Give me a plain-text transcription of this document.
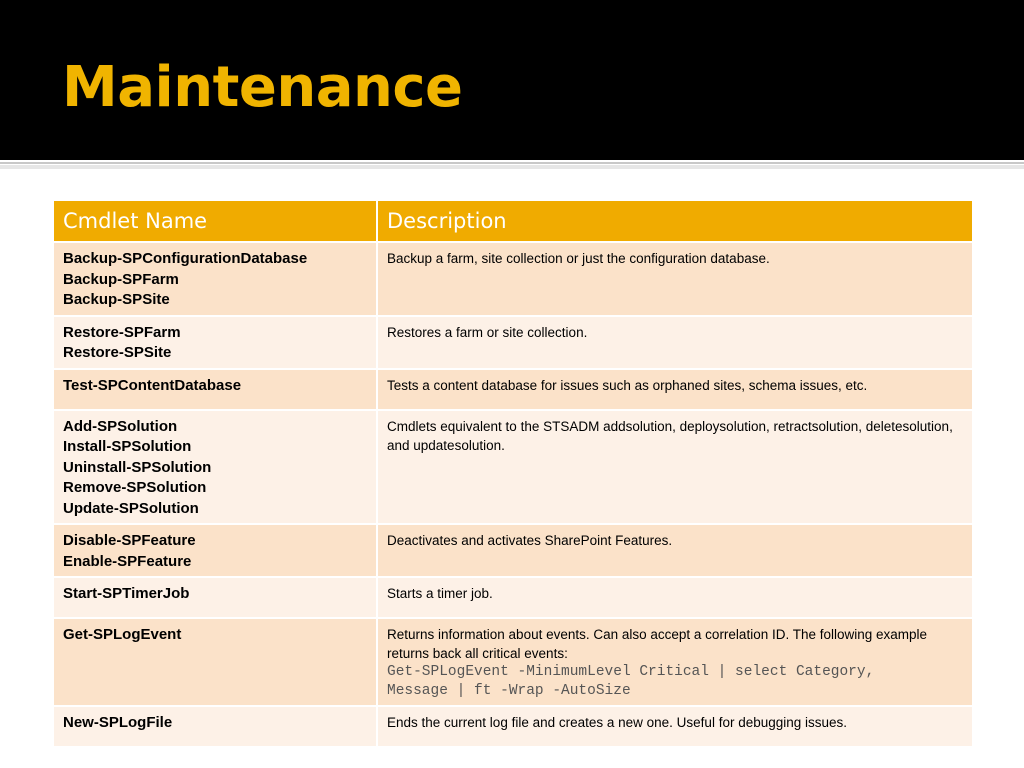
Maintenance
Cmdlet Name	Description

Backup-SPConfigurationDatabase
Backup-SPFarm
Backup-SPSite	Backup a farm, site collection or just the configuration database.

Restore-SPFarm
Restore-SPSite	Restores a farm or site collection.

Test-SPContentDatabase	Tests a content database for issues such as orphaned sites, schema issues, etc.

Add-SPSolution
Install-SPSolution
Uninstall-SPSolution
Remove-SPSolution
Update-SPSolution	Cmdlets equivalent to the STSADM addsolution, deploysolution, retractsolution, deletesolution, and updatesolution.

Disable-SPFeature
Enable-SPFeature	Deactivates and activates SharePoint Features.

Start-SPTimerJob	Starts a timer job.

Get-SPLogEvent	Returns information about events. Can also accept a correlation ID. The following example returns back all critical events:
Get-SPLogEvent -MinimumLevel Critical | select Category,
Message | ft -Wrap -AutoSize

New-SPLogFile	Ends the current log file and creates a new one. Useful for debugging issues.
